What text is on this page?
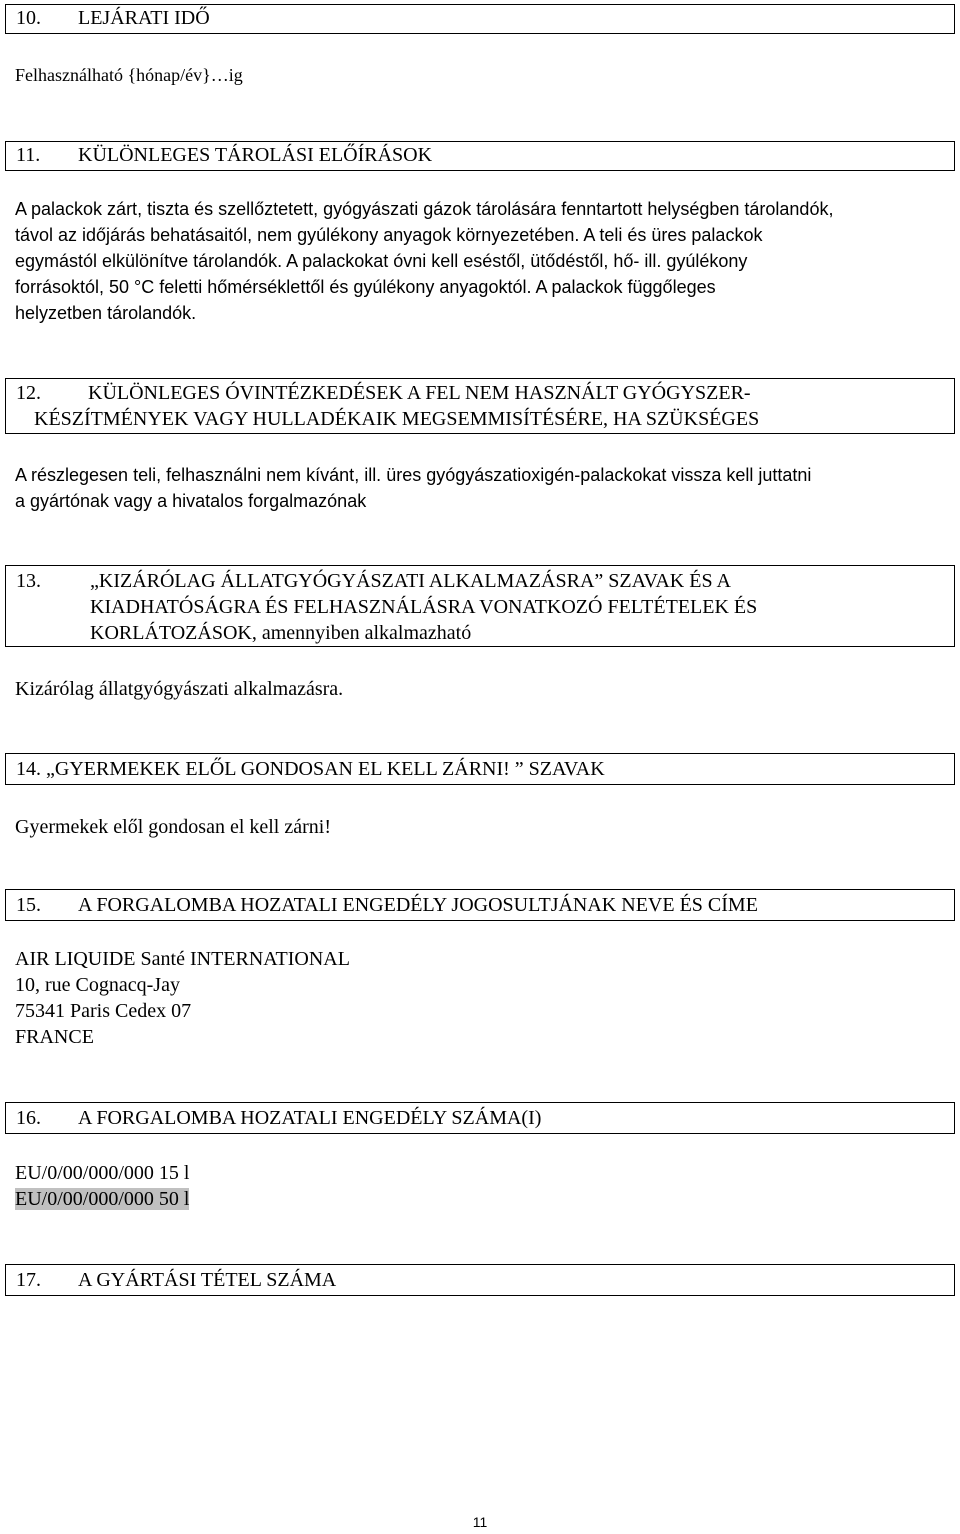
10. LEJÁRATI IDŐ
Felhasználható {hónap/év}…ig
11. KÜLÖNLEGES TÁROLÁSI ELŐÍRÁSOK
A palackok zárt, tiszta és szellőztetett, gyógyászati gázok tárolására fenntartott helységben tárolandók,
távol az időjárás behatásaitól, nem gyúlékony anyagok környezetében. A teli és üres palackok
egymástól elkülönítve tárolandók. A palackokat óvni kell eséstől, ütődéstől, hő- ill. gyúlékony
forrásoktól, 50 °C feletti hőmérséklettől és gyúlékony anyagoktól. A palackok függőleges
helyzetben tárolandók.
12.	KÜLÖNLEGES ÓVINTÉZKEDÉSEK A FEL NEM HASZNÁLT GYÓGYSZER-
KÉSZÍTMÉNYEK VAGY HULLADÉKAIK MEGSEMMISÍTÉSÉRE, HA SZÜKSÉGES
A részlegesen teli, felhasználni nem kívánt, ill. üres gyógyászatioxigén-palackokat vissza kell juttatni
a gyártónak vagy a hivatalos forgalmazónak
13.	„KIZÁRÓLAG ÁLLATGYÓGYÁSZATI ALKALMAZÁSRA” SZAVAK ÉS A
KIADHATÓSÁGRA ÉS FELHASZNÁLÁSRA VONATKOZÓ FELTÉTELEK ÉS
KORLÁTOZÁSOK, amennyiben alkalmazható
Kizárólag állatgyógyászati alkalmazásra.
14. „GYERMEKEK ELŐL GONDOSAN EL KELL ZÁRNI! ” SZAVAK
Gyermekek elől gondosan el kell zárni!
15. A FORGALOMBA HOZATALI ENGEDÉLY JOGOSULTJÁNAK NEVE ÉS CÍME
AIR LIQUIDE Santé INTERNATIONAL
10, rue Cognacq-Jay
75341 Paris Cedex 07
FRANCE
16. A FORGALOMBA HOZATALI ENGEDÉLY SZÁMA(I)
EU/0/00/000/000 15 l
EU/0/00/000/000 50 l
17. A GYÁRTÁSI TÉTEL SZÁMA
11
